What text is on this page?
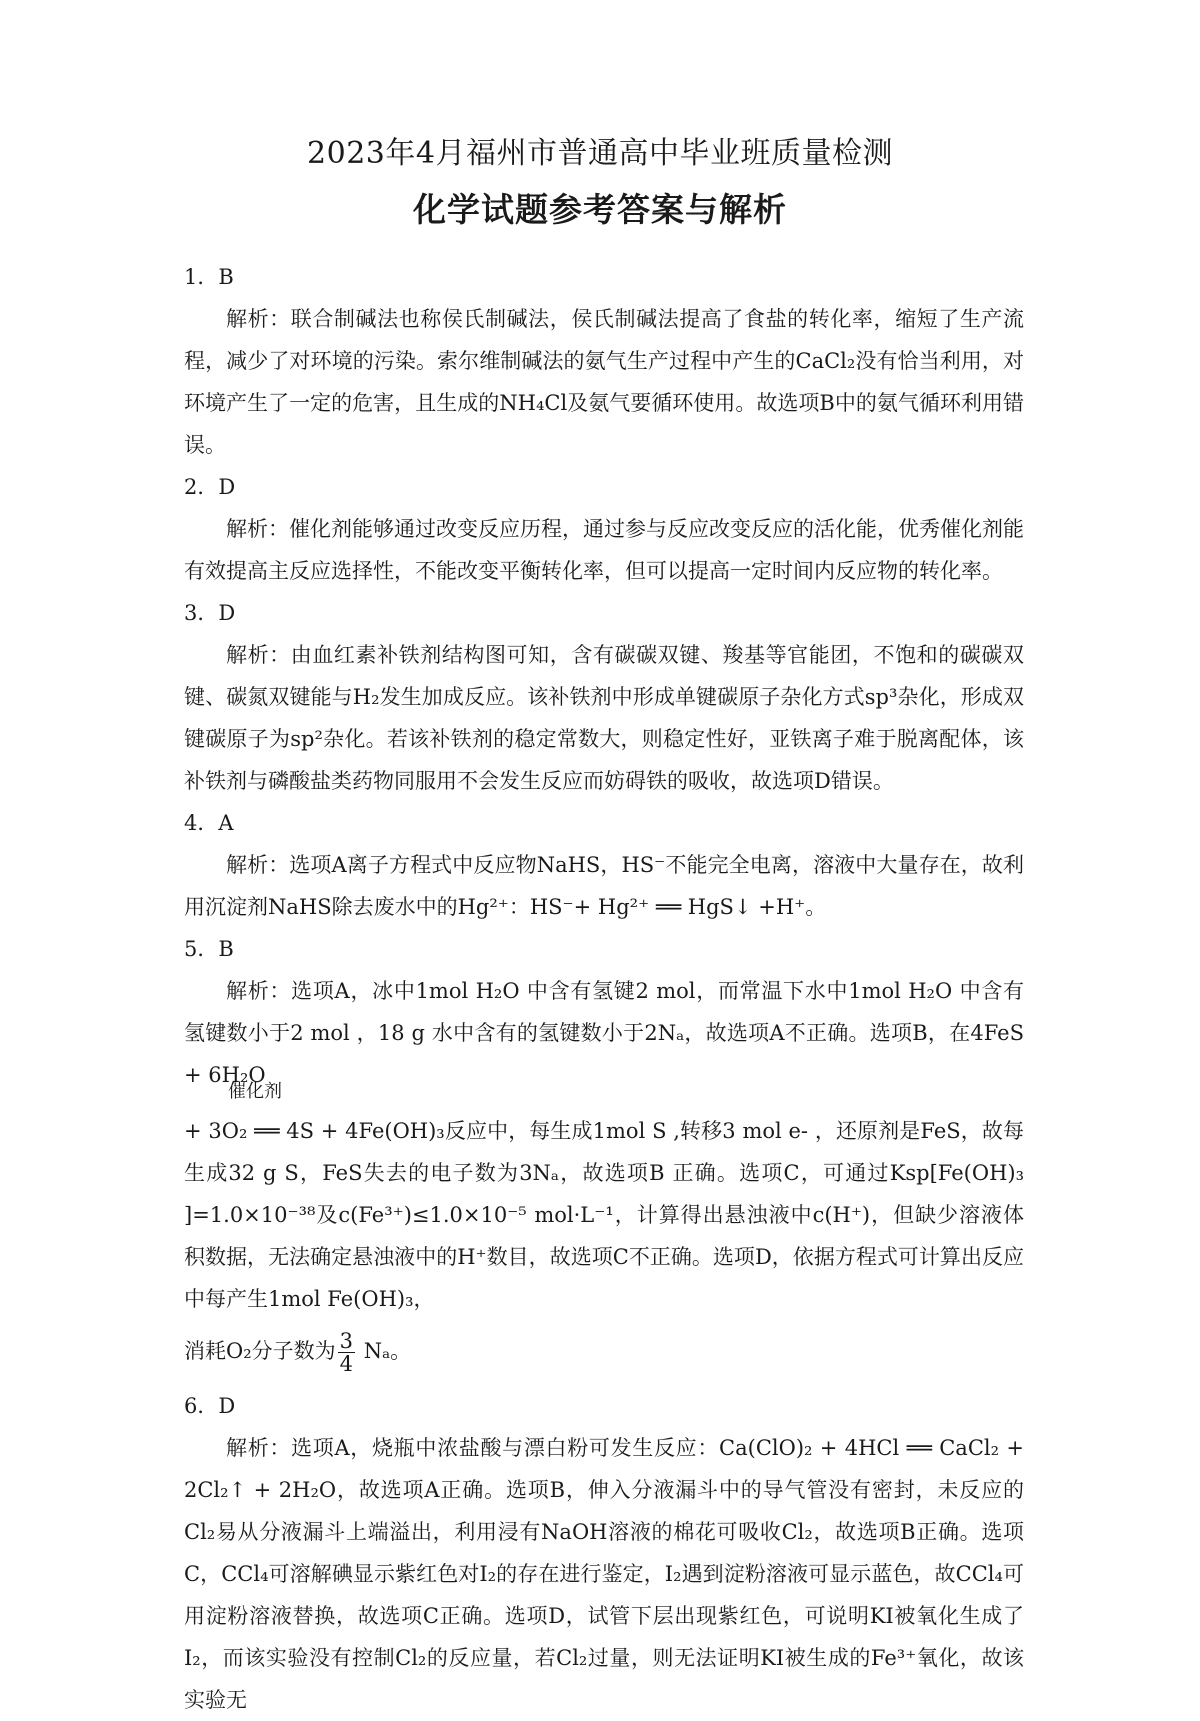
2023年4月福州市普通高中毕业班质量检测
化学试题参考答案与解析

1．B

解析：联合制碱法也称侯氏制碱法，侯氏制碱法提高了食盐的转化率，缩短了生产流程，减少了对环境的污染。索尔维制碱法的氨气生产过程中产生的CaCl₂没有恰当利用，对环境产生了一定的危害，且生成的NH₄Cl及氨气要循环使用。故选项B中的氨气循环利用错误。

2．D

解析：催化剂能够通过改变反应历程，通过参与反应改变反应的活化能，优秀催化剂能有效提高主反应选择性，不能改变平衡转化率，但可以提高一定时间内反应物的转化率。

3．D

解析：由血红素补铁剂结构图可知，含有碳碳双键、羧基等官能团，不饱和的碳碳双键、碳氮双键能与H₂发生加成反应。该补铁剂中形成单键碳原子杂化方式sp³杂化，形成双键碳原子为sp²杂化。若该补铁剂的稳定常数大，则稳定性好，亚铁离子难于脱离配体，该补铁剂与磷酸盐类药物同服用不会发生反应而妨碍铁的吸收，故选项D错误。

4．A

解析：选项A离子方程式中反应物NaHS，HS⁻不能完全电离，溶液中大量存在，故利用沉淀剂NaHS除去废水中的Hg²⁺：HS⁻+ Hg²⁺ ══ HgS↓ +H⁺。

5．B

解析：选项A，冰中1mol H₂O 中含有氢键2 mol，而常温下水中1mol H₂O 中含有氢键数小于2 mol ，18 g 水中含有的氢键数小于2Nₐ，故选项A不正确。选项B，在4FeS + 6H₂O

催化剂
+ 3O₂ ══ 4S + 4Fe(OH)₃反应中，每生成1mol S ,转移3 mol e- ，还原剂是FeS，故每生成32 g S，FeS失去的电子数为3Nₐ，故选项B 正确。选项C，可通过Ksp[Fe(OH)₃ ]=1.0×10⁻³⁸及c(Fe³⁺)≤1.0×10⁻⁵ mol·L⁻¹，计算得出悬浊液中c(H⁺)，但缺少溶液体积数据，无法确定悬浊液中的H⁺数目，故选项C不正确。选项D，依据方程式可计算出反应中每产生1mol Fe(OH)₃，

消耗O₂分子数为 $\frac{3}{4}$ Nₐ。

6．D

解析：选项A，烧瓶中浓盐酸与漂白粉可发生反应：Ca(ClO)₂ + 4HCl ══ CaCl₂ + 2Cl₂↑ + 2H₂O，故选项A正确。选项B，伸入分液漏斗中的导气管没有密封，未反应的Cl₂易从分液漏斗上端溢出，利用浸有NaOH溶液的棉花可吸收Cl₂，故选项B正确。选项C，CCl₄可溶解碘显示紫红色对I₂的存在进行鉴定，I₂遇到淀粉溶液可显示蓝色，故CCl₄可用淀粉溶液替换，故选项C正确。选项D，试管下层出现紫红色，可说明KI被氧化生成了I₂，而该实验没有控制Cl₂的反应量，若Cl₂过量，则无法证明KI被生成的Fe³⁺氧化，故该实验无
